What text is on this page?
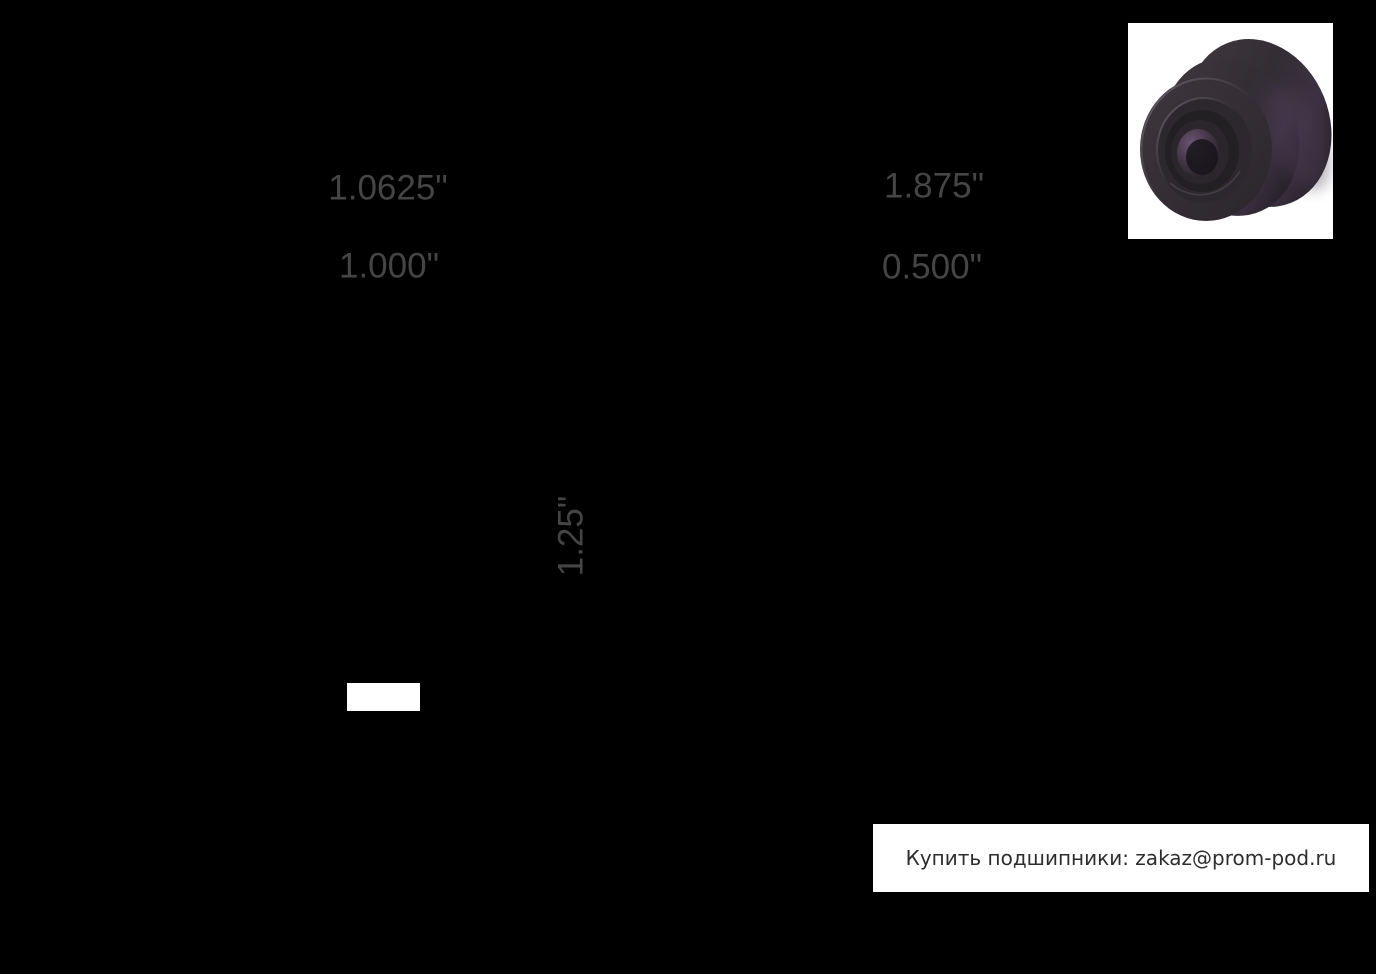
1.0625"
1.000"
1.875"
0.500"
1.25"
Купить подшипники: zakaz@prom-pod.ru
